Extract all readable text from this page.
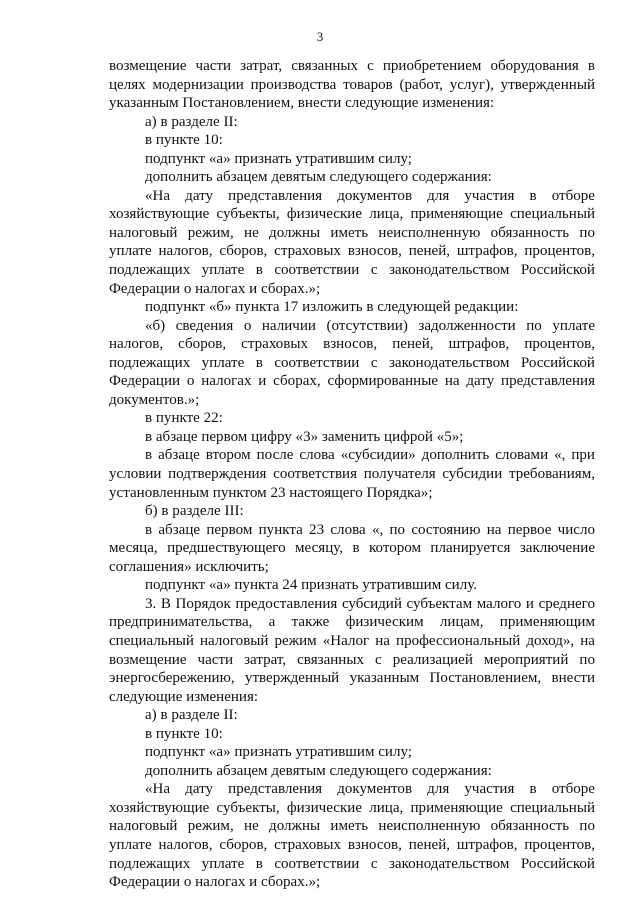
3

возмещение части затрат, связанных с приобретением оборудования в целях модернизации производства товаров (работ, услуг), утвержденный указанным Постановлением, внести следующие изменения:

а) в разделе II:

в пункте 10:

подпункт «а» признать утратившим силу;

дополнить абзацем девятым следующего содержания:

«На дату представления документов для участия в отборе хозяйствующие субъекты, физические лица, применяющие специальный налоговый режим, не должны иметь неисполненную обязанность по уплате налогов, сборов, страховых взносов, пеней, штрафов, процентов, подлежащих уплате в соответствии с законодательством Российской Федерации о налогах и сборах.»;

подпункт «б» пункта 17 изложить в следующей редакции:

«б) сведения о наличии (отсутствии) задолженности по уплате налогов, сборов, страховых взносов, пеней, штрафов, процентов, подлежащих уплате в соответствии с законодательством Российской Федерации о налогах и сборах, сформированные на дату представления документов.»;

в пункте 22:

в абзаце первом цифру «3» заменить цифрой «5»;

в абзаце втором после слова «субсидии» дополнить словами «, при условии подтверждения соответствия получателя субсидии требованиям, установленным пунктом 23 настоящего Порядка»;

б) в разделе III:

в абзаце первом пункта 23 слова «, по состоянию на первое число месяца, предшествующего месяцу, в котором планируется заключение соглашения» исключить;

подпункт «а» пункта 24 признать утратившим силу.

3. В Порядок предоставления субсидий субъектам малого и среднего предпринимательства, а также физическим лицам, применяющим специальный налоговый режим «Налог на профессиональный доход», на возмещение части затрат, связанных с реализацией мероприятий по энергосбережению, утвержденный указанным Постановлением, внести следующие изменения:

а) в разделе II:

в пункте 10:

подпункт «а» признать утратившим силу;

дополнить абзацем девятым следующего содержания:

«На дату представления документов для участия в отборе хозяйствующие субъекты, физические лица, применяющие специальный налоговый режим, не должны иметь неисполненную обязанность по уплате налогов, сборов, страховых взносов, пеней, штрафов, процентов, подлежащих уплате в соответствии с законодательством Российской Федерации о налогах и сборах.»;
